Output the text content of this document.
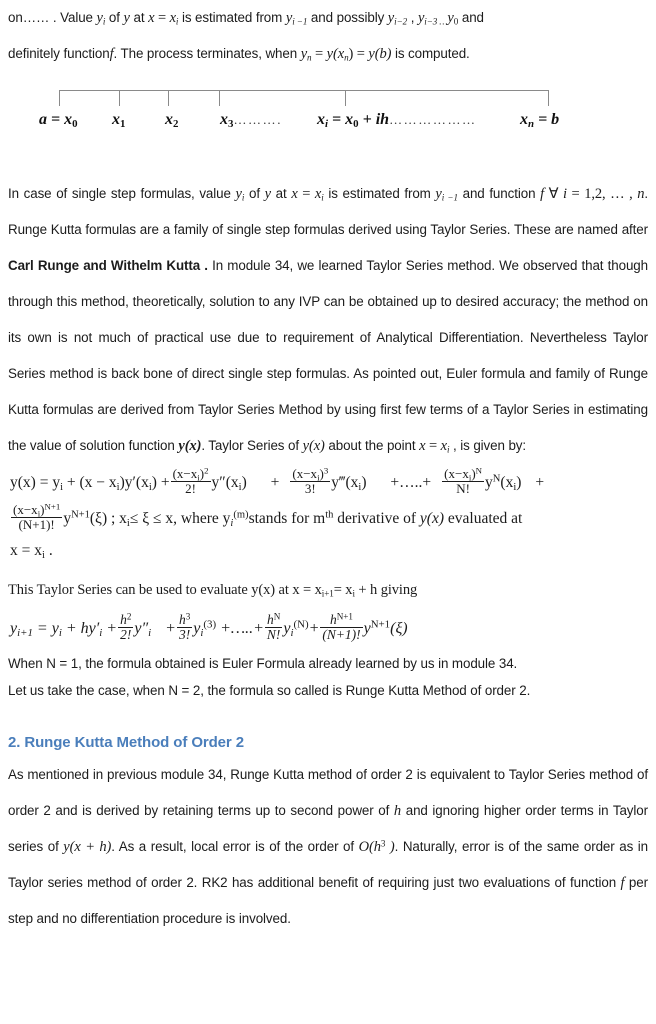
on…… . Value $y_i$ of y at $x = x_i$ is estimated from $y_{i -1}$ and possibly $y_{i-2}$ , $y_{i-3 \dots}y_0$ and

definitely functionf. The process terminates, when $y_n = y(x_n) = y(b)$ is computed.

$a = x_0$ $x_1$ $x_2$	$x_3\dots\dots\dots$. $x_i = x_0$ + ih………………	$x_n = b$

In case of single step formulas, value $y_i$ of y at $x = x_i$ is estimated from $y_{i -1}$ and function f ∀ i = 1,2, … , n. Runge Kutta formulas are a family of single step formulas derived using Taylor Series. These are named after Carl Runge and Withelm Kutta . In module 34, we learned Taylor Series method. We observed that though through this method, theoretically, solution to any IVP can be obtained up to desired accuracy; the method on its own is not much of practical use due to requirement of Analytical Differentiation. Nevertheless Taylor Series method is back bone of direct single step formulas. As pointed out, Euler formula and family of Runge Kutta formulas are derived from Taylor Series Method by using first few terms of a Taylor Series in estimating the value of solution function y(x). Taylor Series of y(x) about the point $x = x_i$ , is given by:

$y(x) = y_i + (x - x_i)y'(x_i) + \frac{(x-x_i)^2}{2!} y''(x_i) + \frac{(x-x_i)^3}{3!}$ $y‴(x_i)$ +…..+ $\frac{(x-x_i)^N}{N!} y^N(x_i)$ +
$\frac{(x-x_i)^{N+1}}{(N+1)!} y^{N+1}(\xi)$ ; $x_i\le \xi \le x$, where $y_i^{(m)}stands$ for $m^{th}$ derivative of y(x) evaluated at
$x = x_i$ .

This Taylor Series can be used to evaluate y(x) at $x = x_{i+1}= x_i + h$ giving

$y_{i+1} = y_i + hy'_i + \frac{h^2}{2!} y''_i + \frac{h^3}{3!} y_i^{(3)}$ +…..+ $\frac{h^N}{N!} y_i^{(N)}+ \frac{h^{N+1}}{(N+1)!} y^{N+1}(\xi)$

When N = 1, the formula obtained is Euler Formula already learned by us in module 34.

Let us take the case, when N = 2, the formula so called is Runge Kutta Method of order 2.

2. Runge Kutta Method of Order 2

As mentioned in previous module 34, Runge Kutta method of order 2 is equivalent to Taylor Series method of order 2 and is derived by retaining terms up to second power of h and ignoring higher order terms in Taylor series of y(x + h). As a result, local error is of the order of $O(h^3$ ). Naturally, error is of the same order as in Taylor series method of order 2. RK2 has additional benefit of requiring just two evaluations of function f per step and no differentiation procedure is involved.
